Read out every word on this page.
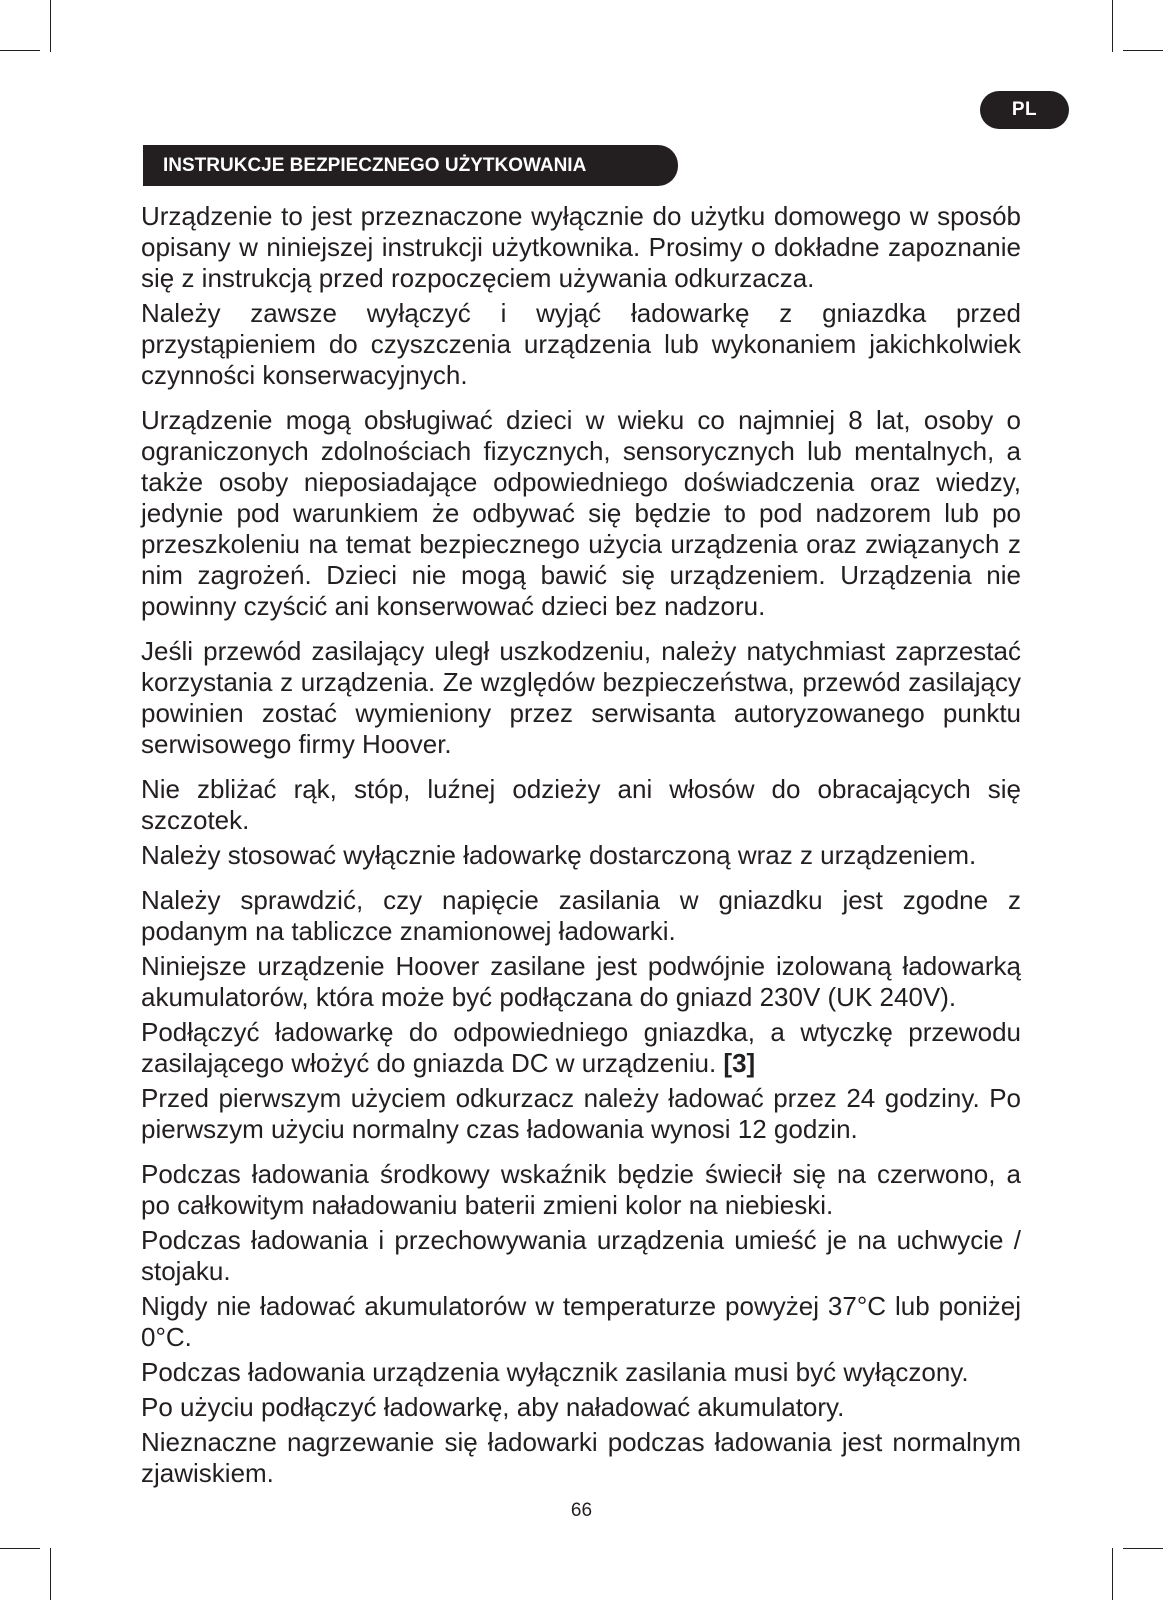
PL
INSTRUKCJE BEZPIECZNEGO UŻYTKOWANIA

Urządzenie to jest przeznaczone wyłącznie do użytku domowego w sposób opisany w niniejszej instrukcji użytkownika. Prosimy o dokładne zapoznanie się z instrukcją przed rozpoczęciem używania odkurzacza.

Należy zawsze wyłączyć i wyjąć ładowarkę z gniazdka przed przystąpieniem do czyszczenia urządzenia lub wykonaniem jakichkolwiek czynności konserwacyjnych.

Urządzenie mogą obsługiwać dzieci w wieku co najmniej 8 lat, osoby o ograniczonych zdolnościach fizycznych, sensorycznych lub mentalnych, a także osoby nieposiadające odpowiedniego doświadczenia oraz wiedzy, jedynie pod warunkiem że odbywać się będzie to pod nadzorem lub po przeszkoleniu na temat bezpiecznego użycia urządzenia oraz związanych z nim zagrożeń. Dzieci nie mogą bawić się urządzeniem. Urządzenia nie powinny czyścić ani konserwować dzieci bez nadzoru.

Jeśli przewód zasilający uległ uszkodzeniu, należy natychmiast zaprzestać korzystania z urządzenia. Ze względów bezpieczeństwa, przewód zasilający powinien zostać wymieniony przez serwisanta autoryzowanego punktu serwisowego firmy Hoover.

Nie zbliżać rąk, stóp, luźnej odzieży ani włosów do obracających się szczotek.

Należy stosować wyłącznie ładowarkę dostarczoną wraz z urządzeniem.

Należy sprawdzić, czy napięcie zasilania w gniazdku jest zgodne z podanym na tabliczce znamionowej ładowarki.

Niniejsze urządzenie Hoover zasilane jest podwójnie izolowaną ładowarką akumulatorów, która może być podłączana do gniazd 230V (UK 240V).

Podłączyć ładowarkę do odpowiedniego gniazdka, a wtyczkę przewodu zasilającego włożyć do gniazda DC w urządzeniu. [3]

Przed pierwszym użyciem odkurzacz należy ładować przez 24 godziny. Po pierwszym użyciu normalny czas ładowania wynosi 12 godzin.

Podczas ładowania środkowy wskaźnik będzie świecił się na czerwono, a po całkowitym naładowaniu baterii zmieni kolor na niebieski.

Podczas ładowania i przechowywania urządzenia umieść je na uchwycie / stojaku.

Nigdy nie ładować akumulatorów w temperaturze powyżej 37°C lub poniżej 0°C.

Podczas ładowania urządzenia wyłącznik zasilania musi być wyłączony.

Po użyciu podłączyć ładowarkę, aby naładować akumulatory.

Nieznaczne nagrzewanie się ładowarki podczas ładowania jest normalnym zjawiskiem.

66
